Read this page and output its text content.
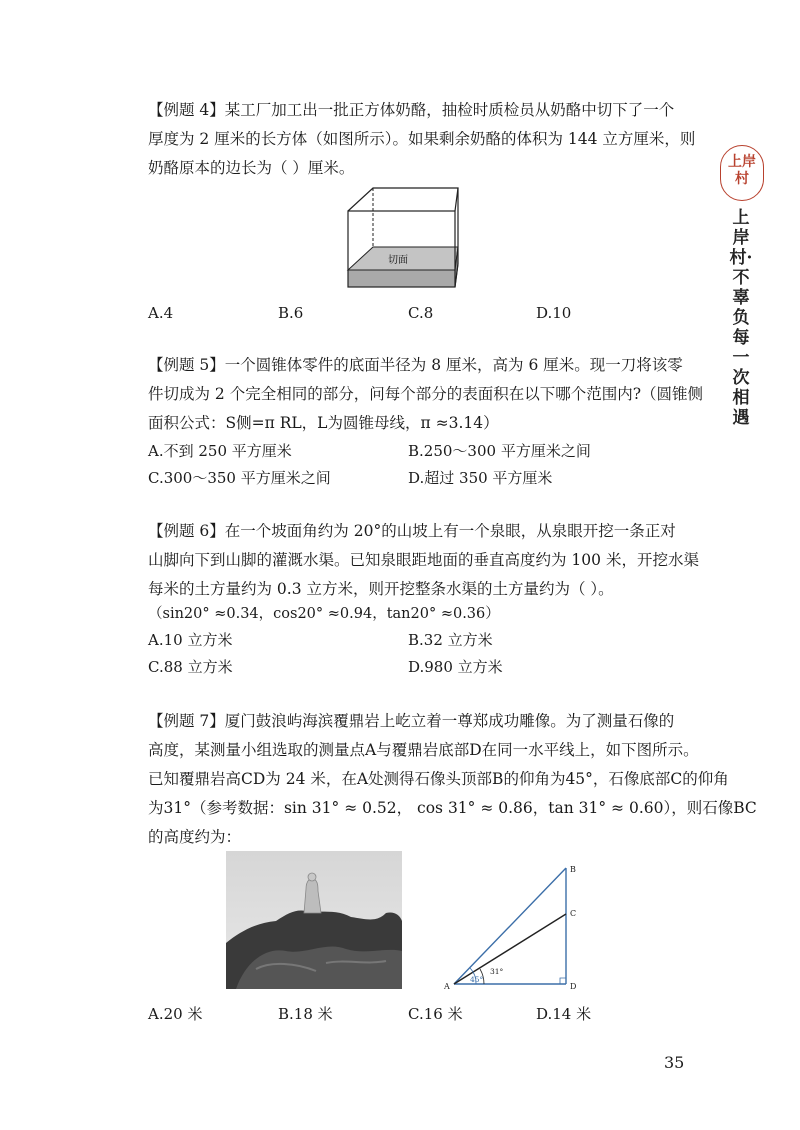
上岸
村
上岸村·不辜负每一次相遇
【例题 4】某工厂加工出一批正方体奶酪，抽检时质检员从奶酪中切下了一个
厚度为 2 厘米的长方体（如图所示）。如果剩余奶酪的体积为 144 立方厘米，则
奶酪原本的边长为（ ）厘米。
切面
A.4	B.6	C.8	D.10
【例题 5】一个圆锥体零件的底面半径为 8 厘米，高为 6 厘米。现一刀将该零
件切成为 2 个完全相同的部分，问每个部分的表面积在以下哪个范围内?（圆锥侧
面积公式：S侧=π RL，L为圆锥母线，π ≈3.14）
A.不到 250 平方厘米	B.250～300 平方厘米之间
C.300～350 平方厘米之间	D.超过 350 平方厘米
【例题 6】在一个坡面角约为 20°的山坡上有一个泉眼，从泉眼开挖一条正对
山脚向下到山脚的灌溉水渠。已知泉眼距地面的垂直高度约为 100 米，开挖水渠
每米的土方量约为 0.3 立方米，则开挖整条水渠的土方量约为（ ）。
（sin20° ≈0.34，cos20° ≈0.94，tan20° ≈0.36）
A.10 立方米	B.32 立方米
C.88 立方米	D.980 立方米
【例题 7】厦门鼓浪屿海滨覆鼎岩上屹立着一尊郑成功雕像。为了测量石像的
高度，某测量小组选取的测量点A与覆鼎岩底部D在同一水平线上，如下图所示。
已知覆鼎岩高CD为 24 米，在A处测得石像头顶部B的仰角为45°，石像底部C的仰角
为31°（参考数据：sin 31° ≈ 0.52， cos 31° ≈ 0.86，tan 31° ≈ 0.60），则石像BC
的高度约为：
A
B
C
D
45°
31°
A.20 米	B.18 米	C.16 米	D.14 米
35
